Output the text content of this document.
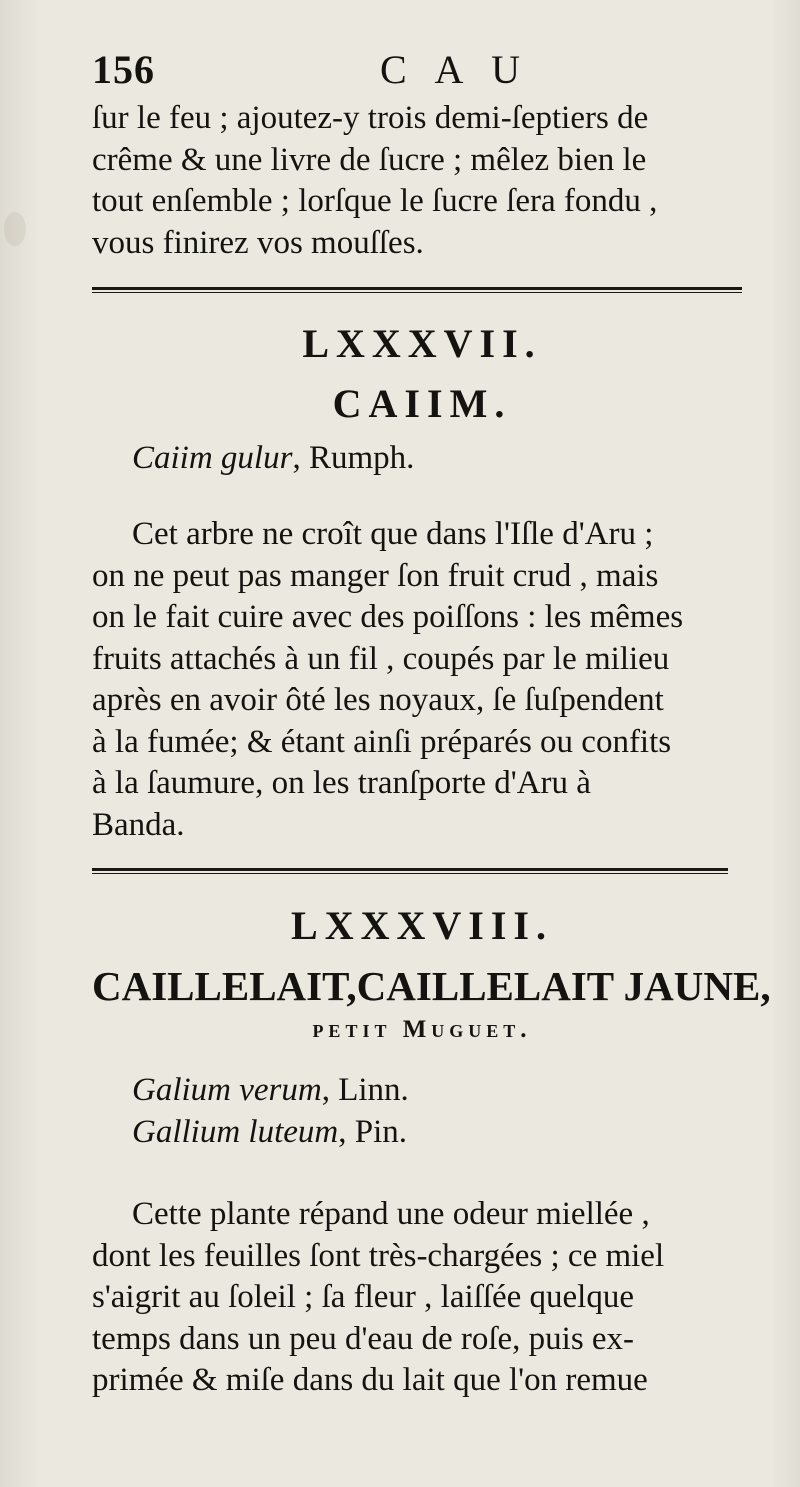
156	C A U
ſur le feu ; ajoutez-y trois demi-ſeptiers de
crême & une livre de ſucre ; mêlez bien le
tout enſemble ; lorſque le ſucre ſera fondu ,
vous finirez vos mouſſes.
LXXXVII.
CAIIM.
Caiim gulur, Rumph.
Cet arbre ne croît que dans l'Iſle d'Aru ;
on ne peut pas manger ſon fruit crud , mais
on le fait cuire avec des poiſſons : les mêmes
fruits attachés à un fil , coupés par le milieu
après en avoir ôté les noyaux, ſe ſuſpendent
à la fumée; & étant ainſi préparés ou confits
à la ſaumure, on les tranſporte d'Aru à
Banda.
LXXXVIII.
CAILLELAIT,CAILLELAIT JAUNE,
petit Muguet.
Galium verum, Linn.
Gallium luteum, Pin.
Cette plante répand une odeur miellée ,
dont les feuilles ſont très-chargées ; ce miel
s'aigrit au ſoleil ; ſa fleur , laiſſée quelque
temps dans un peu d'eau de roſe, puis ex-
primée & miſe dans du lait que l'on remue
